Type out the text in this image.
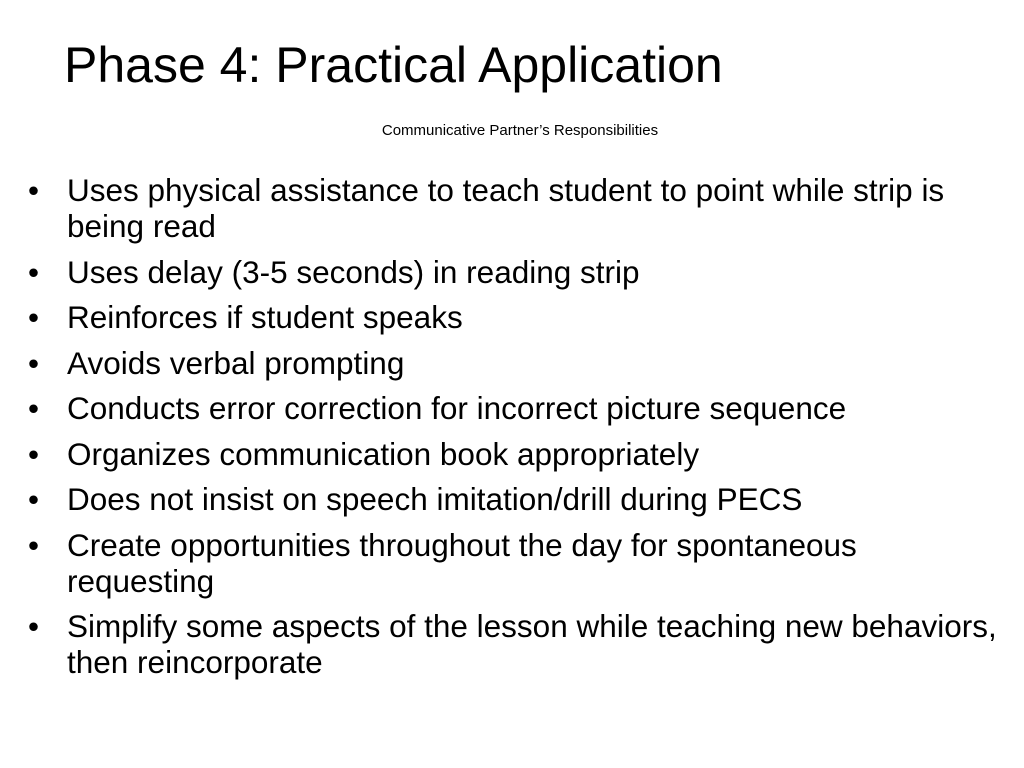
Phase 4: Practical Application
Communicative Partner’s Responsibilities
• Uses physical assistance to teach student to point while strip is being read
• Uses delay (3-5 seconds) in reading strip
• Reinforces if student speaks
• Avoids verbal prompting
• Conducts error correction for incorrect picture sequence
• Organizes communication book appropriately
• Does not insist on speech imitation/drill during PECS
• Create opportunities throughout the day for spontaneous requesting
• Simplify some aspects of the lesson while teaching new behaviors, then reincorporate
